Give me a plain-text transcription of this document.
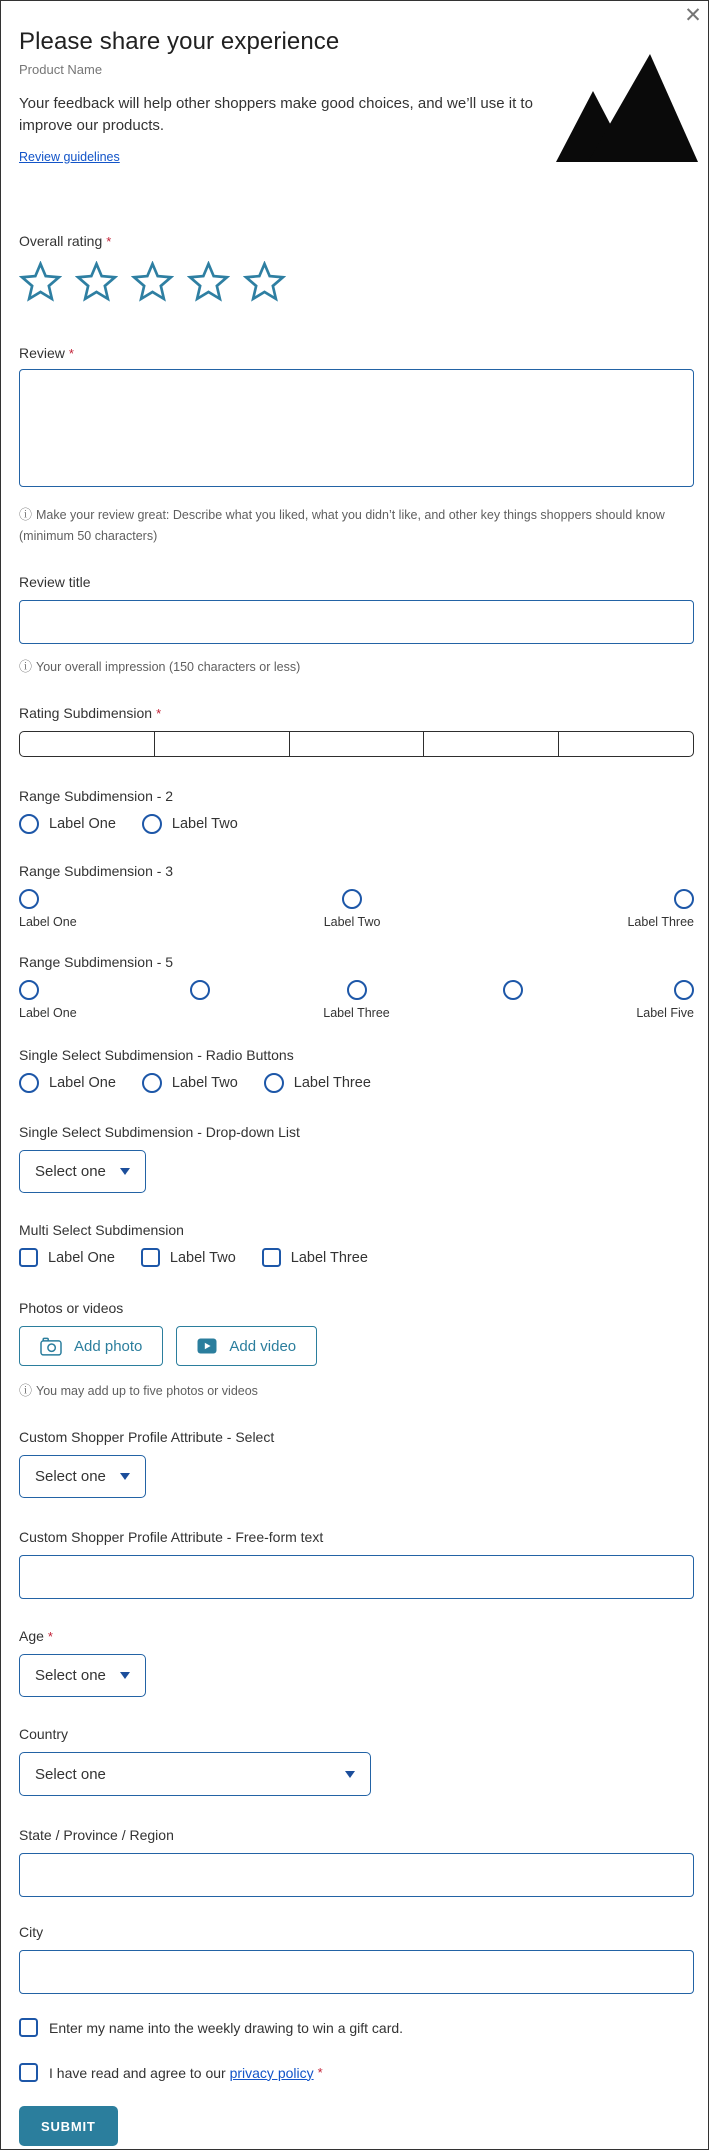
✕
Please share your experience
Product Name

Your feedback will help other shoppers make good choices, and we’ll use it to improve our products.

Review guidelines
Overall rating *
Review *
ⓘ Make your review great: Describe what you liked, what you didn’t like, and other key things shoppers should know (minimum 50 characters)
Review title
ⓘ Your overall impression (150 characters or less)
Rating Subdimension *
Range Subdimension - 2
Label One	Label Two
Range Subdimension - 3
Label One	Label Two	Label Three
Range Subdimension - 5
Label One	Label Three	Label Five
Single Select Subdimension - Radio Buttons
Label One	Label Two	Label Three
Single Select Subdimension - Drop-down List
Select one
Multi Select Subdimension
Label One	Label Two	Label Three
Photos or videos
Add photo	Add video
ⓘ You may add up to five photos or videos
Custom Shopper Profile Attribute - Select
Select one
Custom Shopper Profile Attribute - Free-form text
Age *
Select one
Country
Select one
State / Province / Region
City
Enter my name into the weekly drawing to win a gift card.
I have read and agree to our privacy policy *
SUBMIT
